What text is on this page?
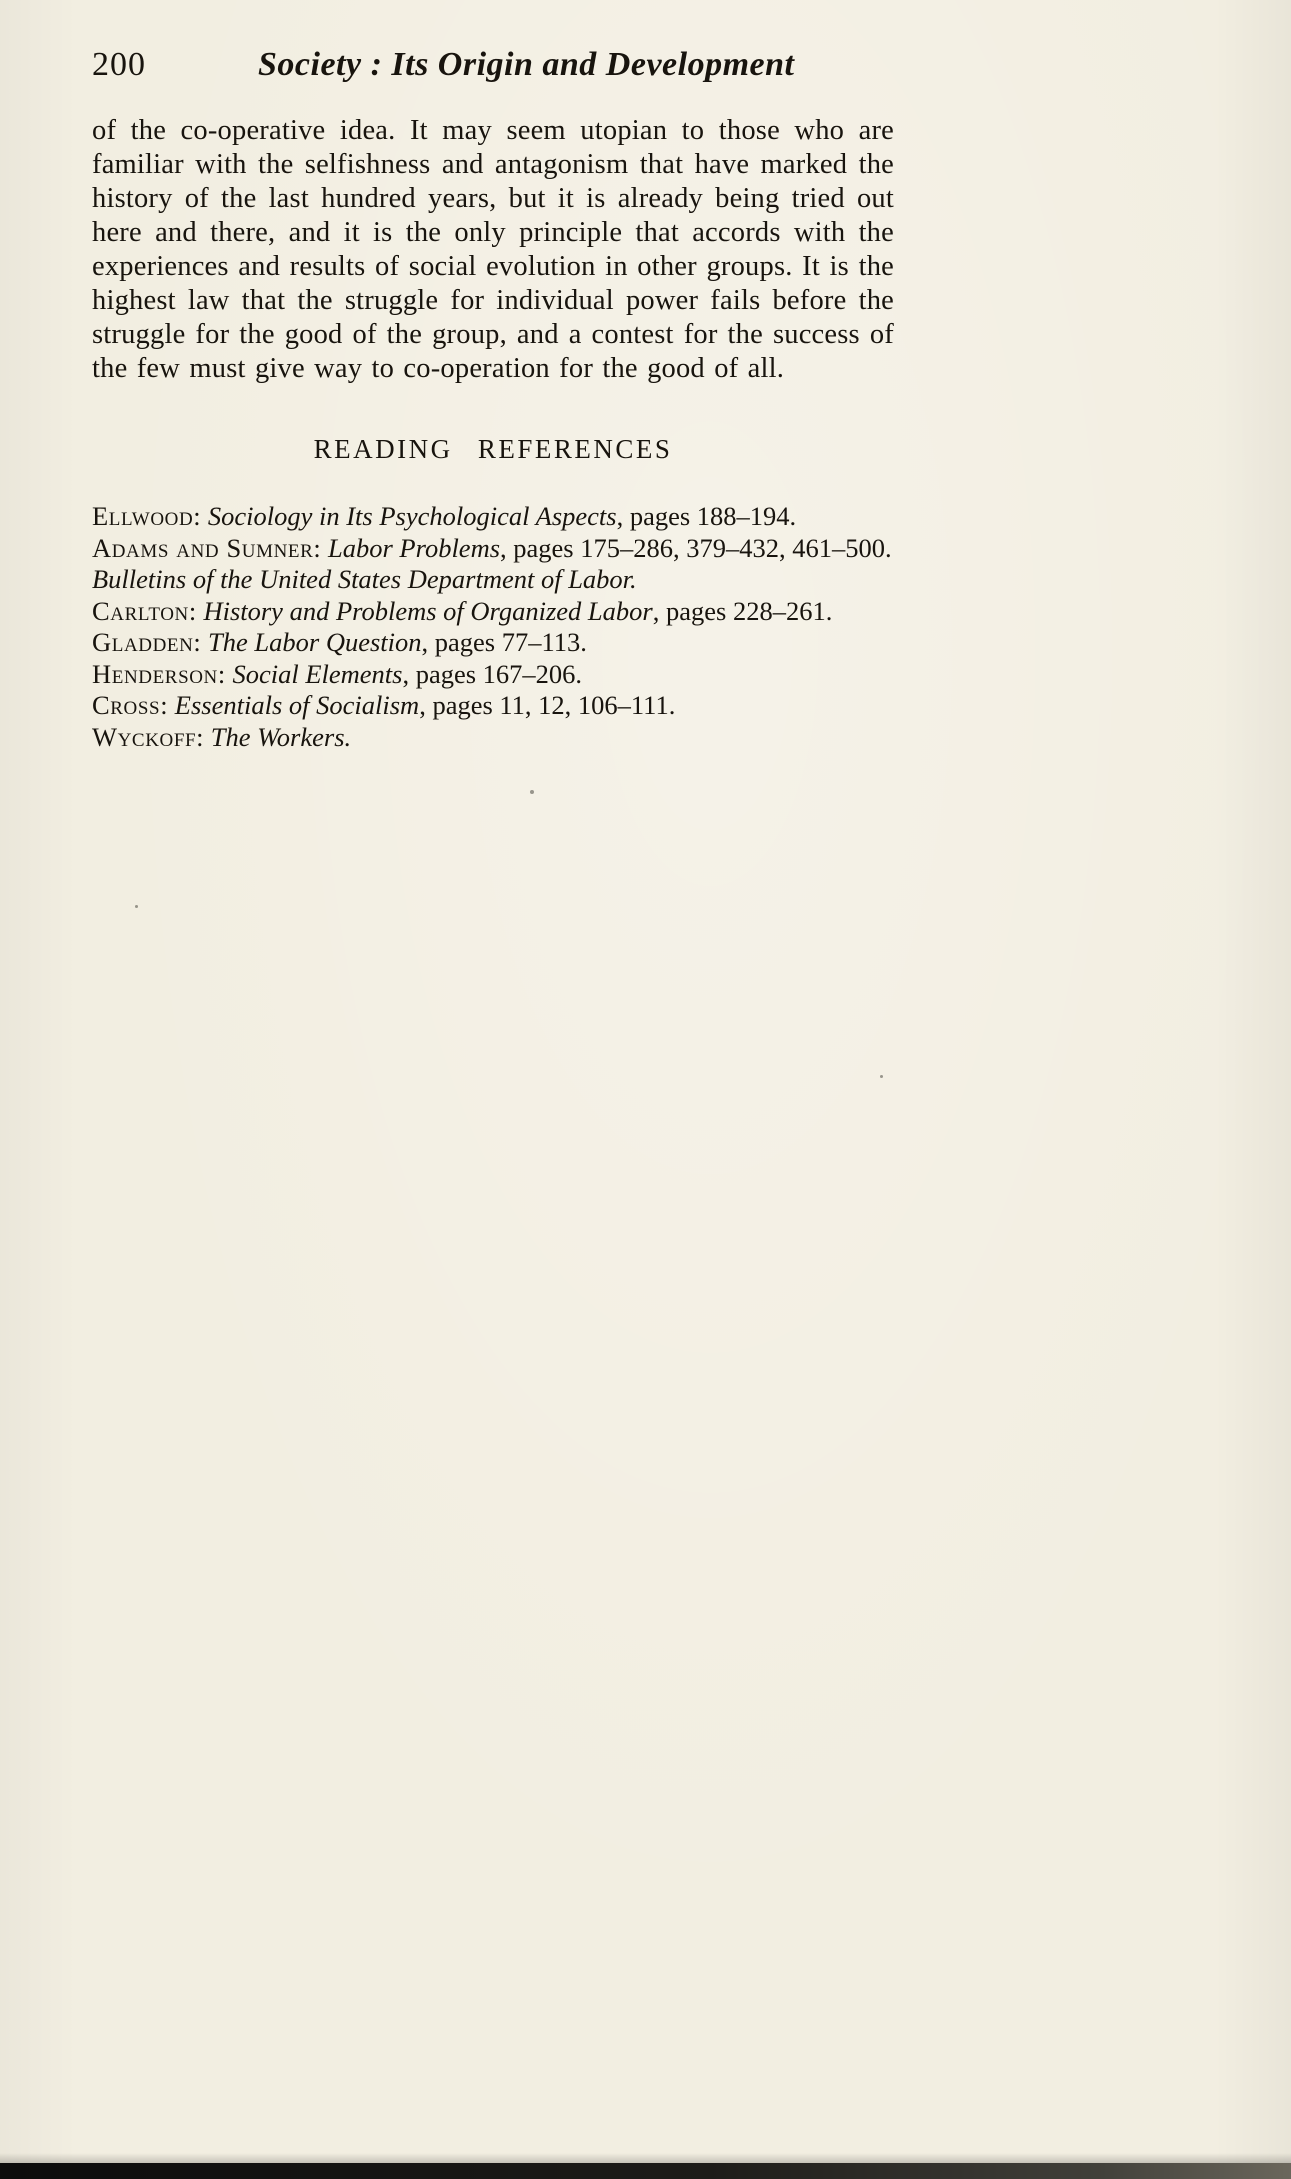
200	Society : Its Origin and Development
of the co-operative idea. It may seem utopian to those who are familiar with the selfishness and antagonism that have marked the history of the last hundred years, but it is already being tried out here and there, and it is the only principle that accords with the experiences and results of social evolution in other groups. It is the highest law that the struggle for individual power fails before the struggle for the good of the group, and a contest for the success of the few must give way to co-operation for the good of all.
READING REFERENCES

Ellwood: Sociology in Its Psychological Aspects, pages 188–194.

Adams and Sumner: Labor Problems, pages 175–286, 379–432, 461–500.

Bulletins of the United States Department of Labor.

Carlton: History and Problems of Organized Labor, pages 228–261.

Gladden: The Labor Question, pages 77–113.

Henderson: Social Elements, pages 167–206.

Cross: Essentials of Socialism, pages 11, 12, 106–111.

Wyckoff: The Workers.
